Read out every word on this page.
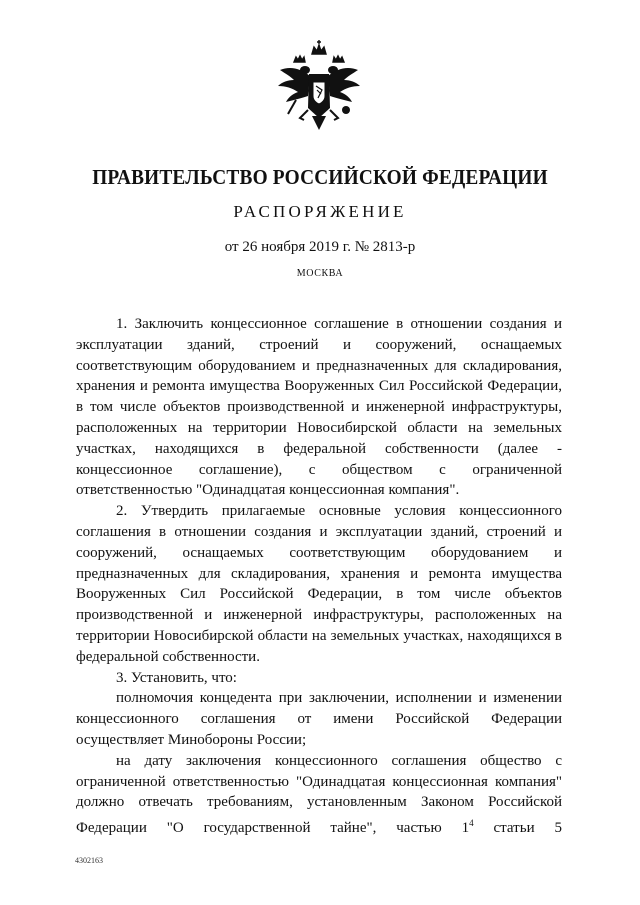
ПРАВИТЕЛЬСТВО РОССИЙСКОЙ ФЕДЕРАЦИИ
РАСПОРЯЖЕНИЕ
от 26 ноября 2019 г. № 2813-р
МОСКВА

1. Заключить концессионное соглашение в отношении создания и эксплуатации зданий, строений и сооружений, оснащаемых соответствующим оборудованием и предназначенных для складирования, хранения и ремонта имущества Вооруженных Сил Российской Федерации, в том числе объектов производственной и инженерной инфраструктуры, расположенных на территории Новосибирской области на земельных участках, находящихся в федеральной собственности (далее - концессионное соглашение), с обществом с ограниченной ответственностью "Одинадцатая концессионная компания".

2. Утвердить прилагаемые основные условия концессионного соглашения в отношении создания и эксплуатации зданий, строений и сооружений, оснащаемых соответствующим оборудованием и предназначенных для складирования, хранения и ремонта имущества Вооруженных Сил Российской Федерации, в том числе объектов производственной и инженерной инфраструктуры, расположенных на территории Новосибирской области на земельных участках, находящихся в федеральной собственности.

3. Установить, что:

полномочия концедента при заключении, исполнении и изменении концессионного соглашения от имени Российской Федерации осуществляет Минобороны России;

на дату заключения концессионного соглашения общество с ограниченной ответственностью "Одинадцатая концессионная компания" должно отвечать требованиям, установленным Законом Российской Федерации "О государственной тайне", частью $1^4$ статьи 5

4302163
